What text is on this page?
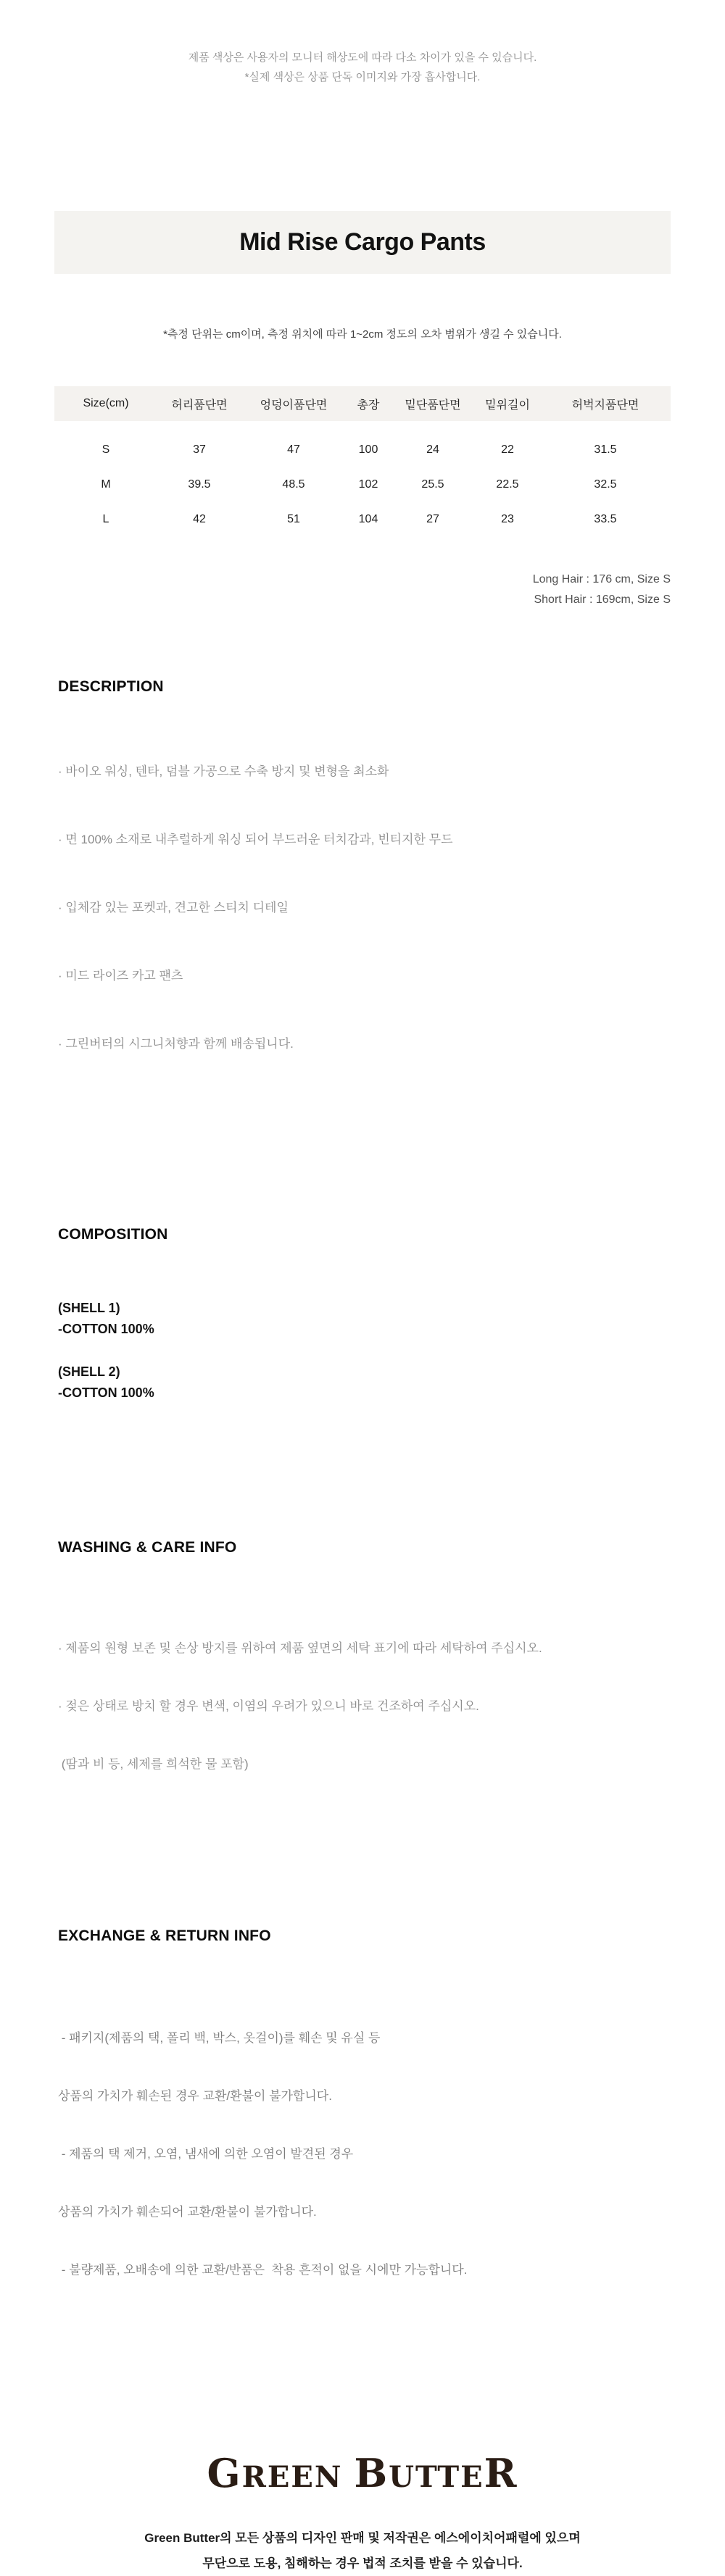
제품 색상은 사용자의 모니터 해상도에 따라 다소 차이가 있을 수 있습니다.

*실제 색상은 상품 단독 이미지와 가장 흡사합니다.

Mid Rise Cargo Pants

*측정 단위는 cm이며, 측정 위치에 따라 1~2cm 정도의 오차 범위가 생길 수 있습니다.

Size(cm)	허리품단면	엉덩이품단면	총장	밑단품단면	밑위길이	허벅지품단면
S	37	47	100	24	22	31.5
M	39.5	48.5	102	25.5	22.5	32.5
L	42	51	104	27	23	33.5

Long Hair : 176 cm, Size S

Short Hair : 169cm, Size S

DESCRIPTION

· 바이오 워싱, 텐타, 덤블 가공으로 수축 방지 및 변형을 최소화

· 면 100% 소재로 내추럴하게 워싱 되어 부드러운 터치감과, 빈티지한 무드

· 입체감 있는 포켓과, 견고한 스티치 디테일

· 미드 라이즈 카고 팬츠

· 그린버터의 시그니처향과 함께 배송됩니다.

COMPOSITION

(SHELL 1)

-COTTON 100%

(SHELL 2)

-COTTON 100%

WASHING & CARE INFO

· 제품의 원형 보존 및 손상 방지를 위하여 제품 옆면의 세탁 표기에 따라 세탁하여 주십시오.

· 젖은 상태로 방치 할 경우 변색, 이염의 우려가 있으니 바로 건조하여 주십시오.

(땀과 비 등, 세제를 희석한 물 포함)

EXCHANGE & RETURN INFO

- 패키지(제품의 택, 폴리 백, 박스, 옷걸이)를 훼손 및 유실 등

상품의 가치가 훼손된 경우 교환/환불이 불가합니다.

- 제품의 택 제거, 오염, 냄새에 의한 오염이 발견된 경우

상품의 가치가 훼손되어 교환/환불이 불가합니다.

- 불량제품, 오배송에 의한 교환/반품은  착용 흔적이 없을 시에만 가능합니다.

GREEN BUTTER

Green Butter의 모든 상품의 디자인 판매 및 저작권은 에스에이치어패럴에 있으며

무단으로 도용, 침해하는 경우 법적 조치를 받을 수 있습니다.
